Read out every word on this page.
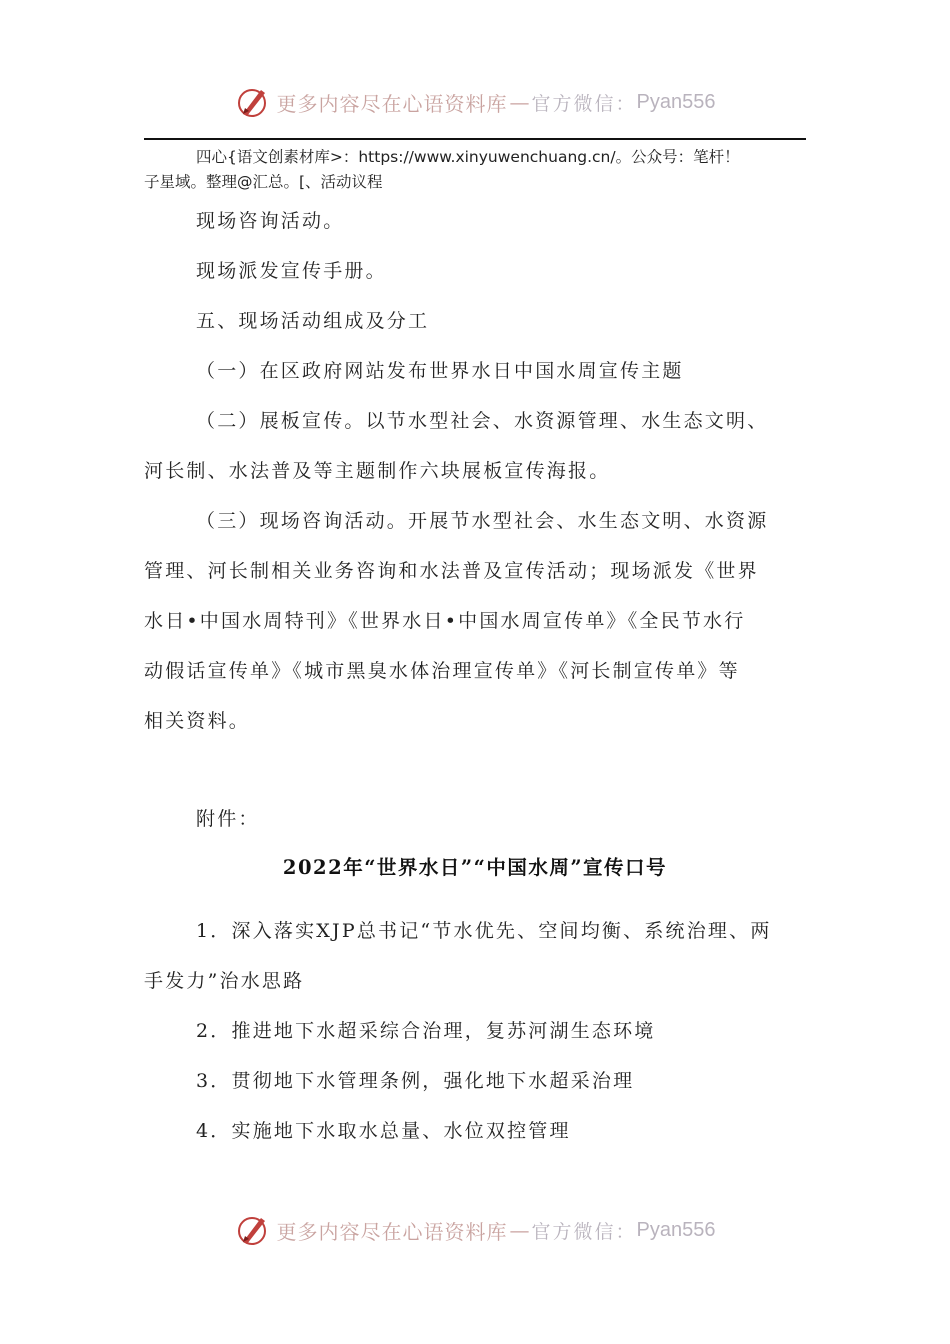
更多内容尽在心语资料库 — 官方微信： Pyan556
四心{语文创素材库>：https://www.xinyuwenchuang.cn/。公众号：笔杆！
子星域。整理@汇总。[、活动议程
现场咨询活动。
现场派发宣传手册。
五、现场活动组成及分工
（一）在区政府网站发布世界水日中国水周宣传主题
（二）展板宣传。以节水型社会、水资源管理、水生态文明、
河长制、水法普及等主题制作六块展板宣传海报。
（三）现场咨询活动。开展节水型社会、水生态文明、水资源
管理、河长制相关业务咨询和水法普及宣传活动；现场派发《世界
水日•中国水周特刊》《世界水日•中国水周宣传单》《全民节水行
动假话宣传单》《城市黑臭水体治理宣传单》《河长制宣传单》等
相关资料。
附件：
2022年“世界水日”“中国水周”宣传口号
1．深入落实XJP总书记“节水优先、空间均衡、系统治理、两
手发力”治水思路
2．推进地下水超采综合治理，复苏河湖生态环境
3．贯彻地下水管理条例，强化地下水超采治理
4．实施地下水取水总量、水位双控管理
更多内容尽在心语资料库 — 官方微信： Pyan556
